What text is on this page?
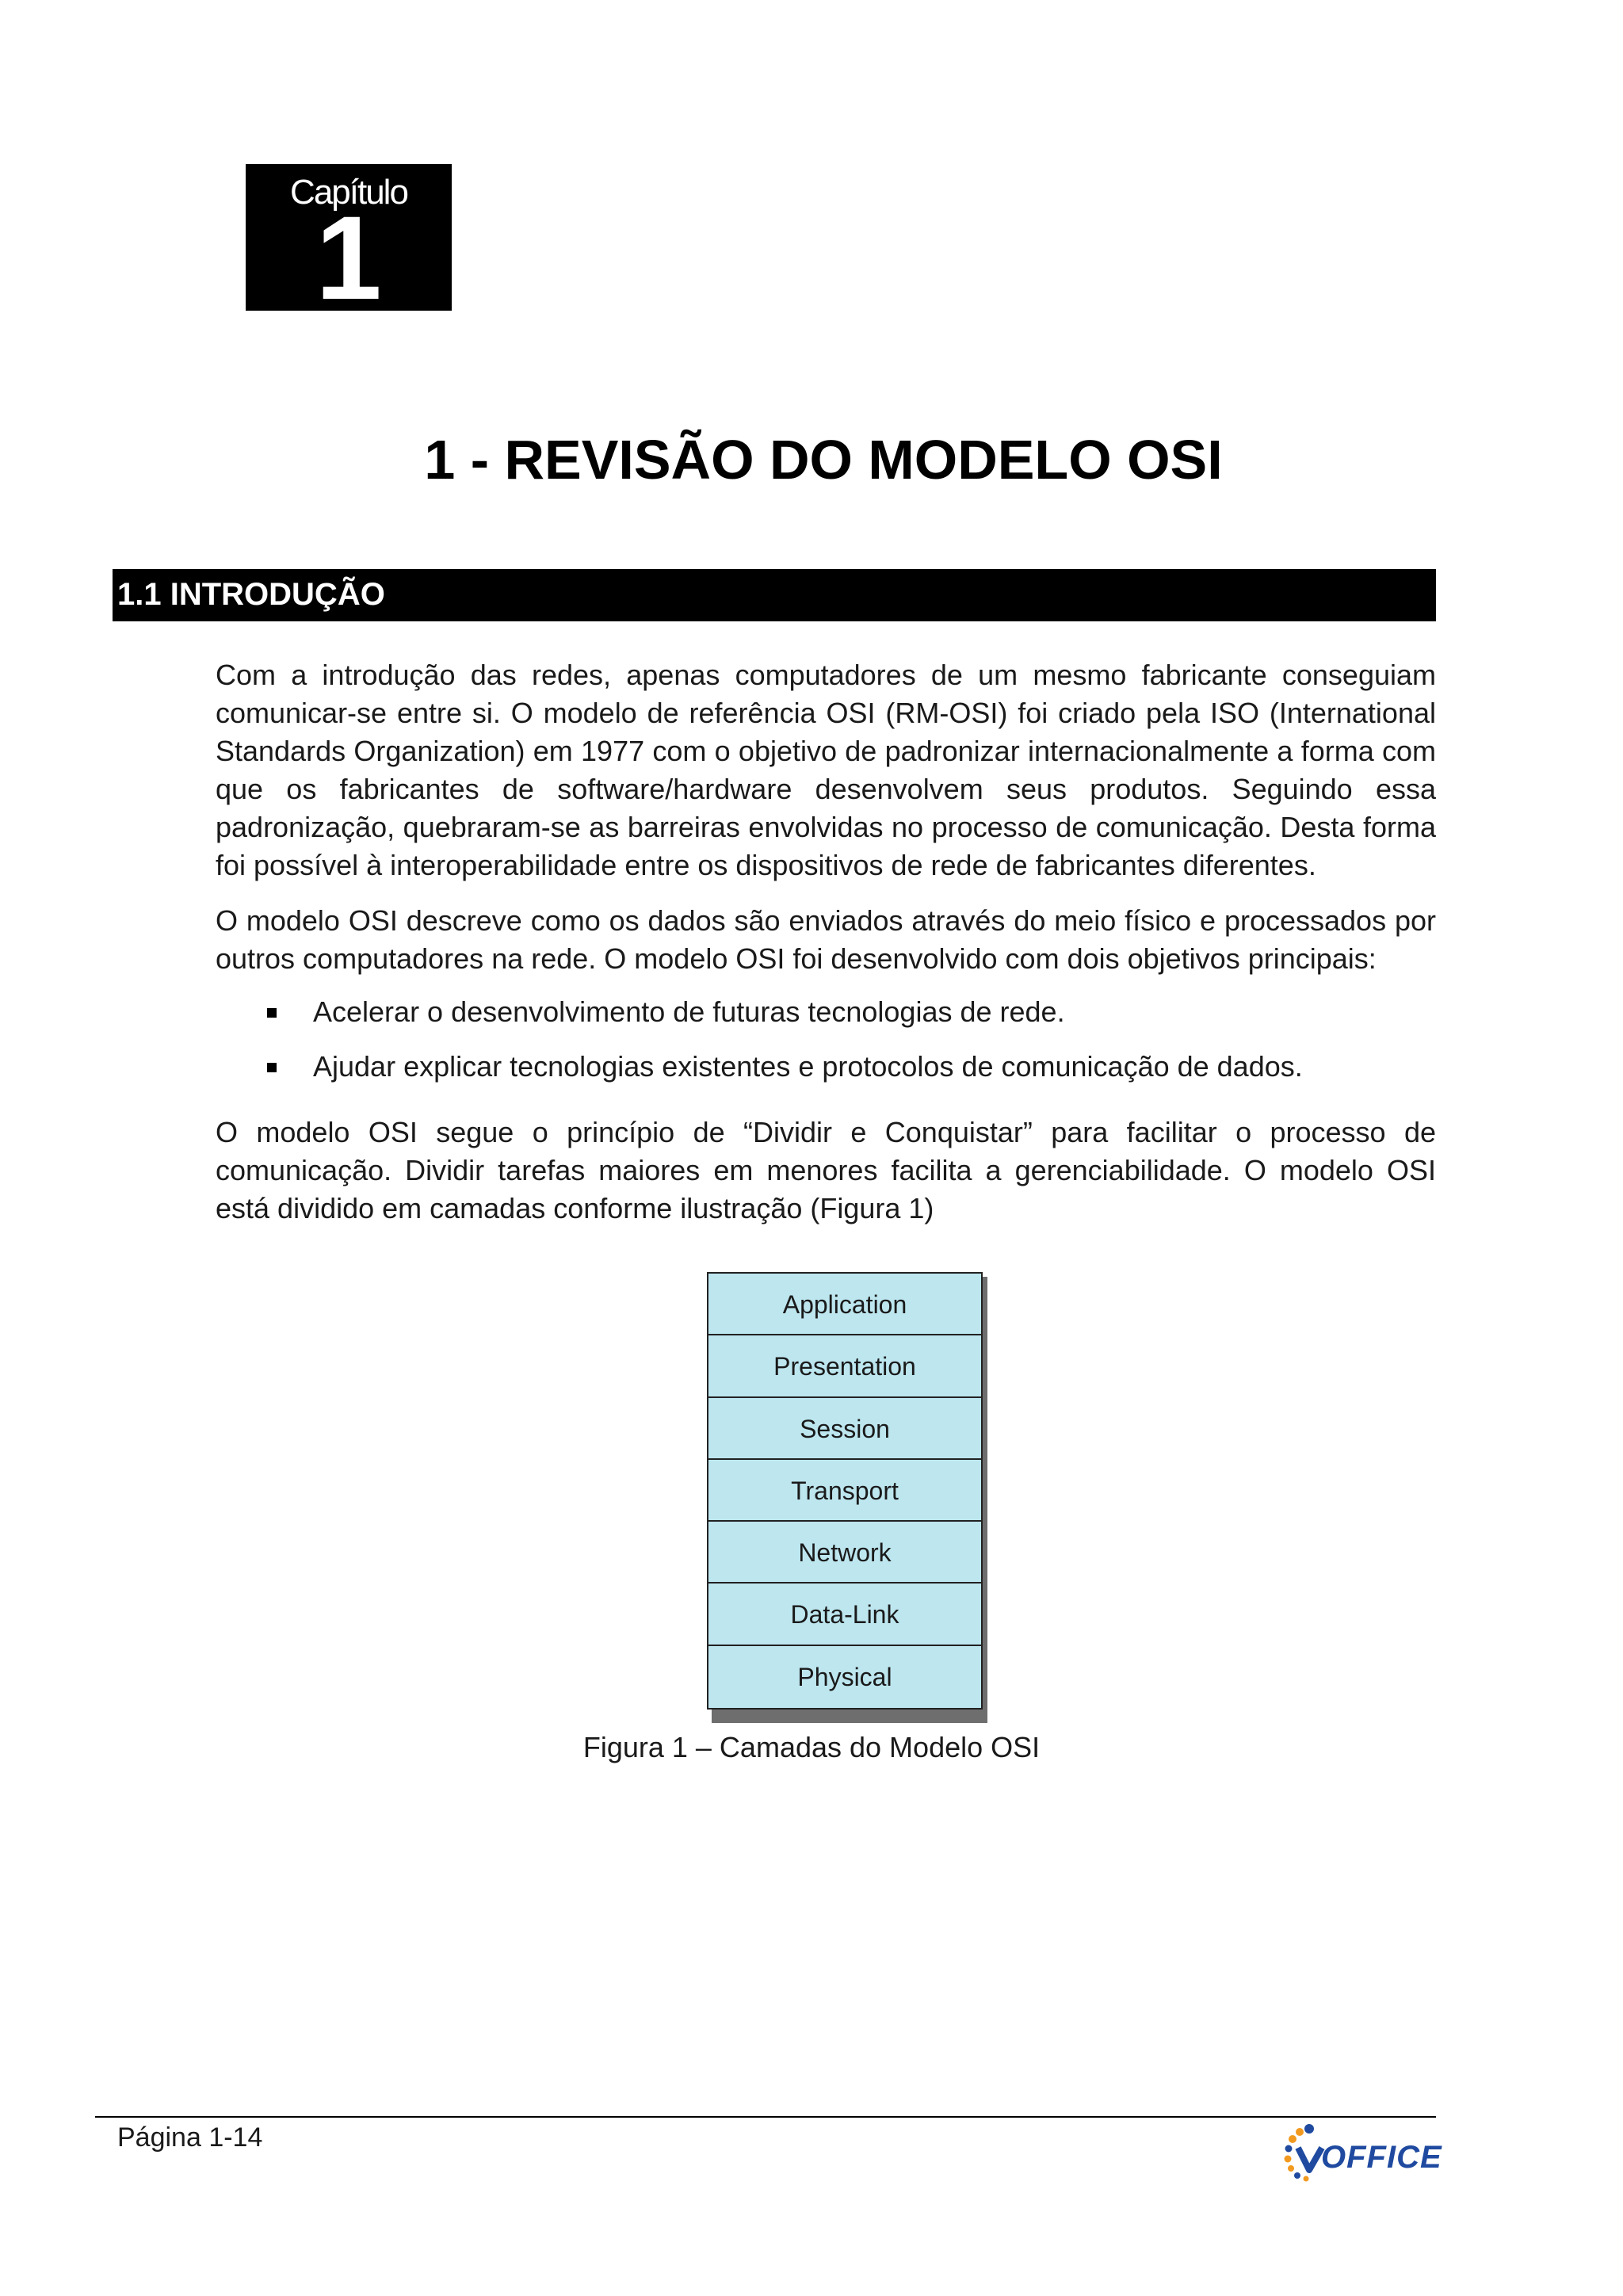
Capítulo
1
1 - REVISÃO DO MODELO OSI
1.1 INTRODUÇÃO

Com a introdução das redes, apenas computadores de um mesmo fabricante conseguiam comunicar-se entre si. O modelo de referência OSI (RM-OSI) foi criado pela ISO (International Standards Organization) em 1977 com o objetivo de padronizar internacionalmente a forma com que os fabricantes de software/hardware desenvolvem seus produtos. Seguindo essa padronização, quebraram-se as barreiras envolvidas no processo de comunicação. Desta forma foi possível à interoperabilidade entre os dispositivos de rede de fabricantes diferentes.

O modelo OSI descreve como os dados são enviados através do meio físico e processados por outros computadores na rede. O modelo OSI foi desenvolvido com dois objetivos principais:

Acelerar o desenvolvimento de futuras tecnologias de rede.
Ajudar explicar tecnologias existentes e protocolos de comunicação de dados.

O modelo OSI segue o princípio de “Dividir e Conquistar” para facilitar o processo de comunicação. Dividir tarefas maiores em menores facilita a gerenciabilidade. O modelo OSI está dividido em camadas conforme ilustração (Figura 1)

Application
Presentation
Session
Transport
Network
Data-Link
Physical

Figura 1 – Camadas do Modelo OSI

Página 1-14

OFFICE
